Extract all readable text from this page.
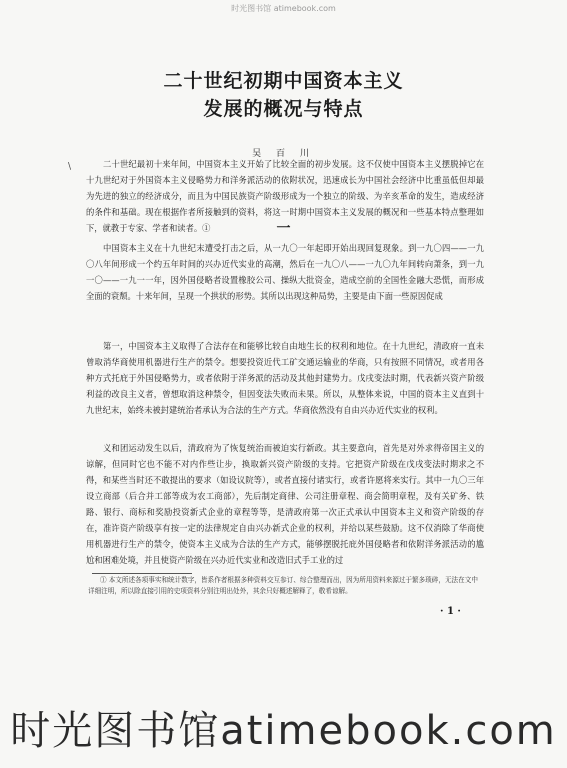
时光图书馆 atimebook.com
二十世纪初期中国资本主义
发展的概况与特点
吴 百 川
\	二十世纪最初十来年间，中国资本主义开始了比较全面的初步发展。这不仅使中国资本主义摆脱掉它在十九世纪对于外国资本主义侵略势力和洋务派活动的依附状况，迅速成长为中国社会经济中比重虽低但却最为先进的独立的经济成分，而且为中国民族资产阶级形成为一个独立的阶级、为辛亥革命的发生，造成经济的条件和基础。现在根据作者所接触到的资料，将这一时期中国资本主义发展的概况和一些基本特点整理如下，就教于专家、学者和读者。①	一

中国资本主义在十九世纪末遭受打击之后，从一九〇一年起即开始出现回复现象。到一九〇四——一九〇八年间形成一个约五年时间的兴办近代实业的高潮，然后在一九〇八——一九〇九年间转向萧条，到一九一〇——一九一一年，因外国侵略者设置橡胶公司、操纵大批资金，造成空前的全国性金融大恐慌，而形成全面的衰颓。十来年间，呈现一个拱状的形势。其所以出现这种局势，主要是由下面一些原因促成

第一，中国资本主义取得了合法存在和能够比较自由地生长的权利和地位。在十九世纪，清政府一直未曾取消华商使用机器进行生产的禁令。想要投资近代工矿交通运输业的华商，只有按照不同情况，或者用各种方式托庇于外国侵略势力，或者依附于洋务派的活动及其他封建势力。戊戌变法时期，代表新兴资产阶级利益的改良主义者，曾想取消这种禁令，但因变法失败而未果。所以，从整体来说，中国的资本主义直到十九世纪末，始终未被封建统治者承认为合法的生产方式。华商依然没有自由兴办近代实业的权利。

义和团运动发生以后，清政府为了恢复统治而被迫实行新政。其主要意向，首先是对外求得帝国主义的谅解，但同时它也不能不对内作些让步，换取新兴资产阶级的支持。它把资产阶级在戊戌变法时期求之不得，和某些当时还不敢提出的要求（如设议院等），或者直接付诸实行，或者许愿将来实行。其中一九〇三年设立商部（后合并工部等成为农工商部），先后制定商律、公司注册章程、商会简明章程，及有关矿务、铁路、银行、商标和奖励投资新式企业的章程等等，是清政府第一次正式承认中国资本主义和资产阶级的存在，准许资产阶级享有按一定的法律规定自由兴办新式企业的权利，并给以某些鼓励。这不仅消除了华商使用机器进行生产的禁令，使资本主义成为合法的生产方式，能够摆脱托庇外国侵略者和依附洋务派活动的尴尬和困难处境，并且使资产阶级在兴办近代实业和改造旧式手工业的过

① 本文所述各项事实和统计数字，皆系作者根据多种资料交互参订、综合整理而出，因为所用资料来源过于繁多琐碎，无法在文中详细注明，所以除直接引用的史项资料分别注明出处外，其余只好概述解释了，敬希谅解。

· 1 ·
时光图书馆atimebook.com
